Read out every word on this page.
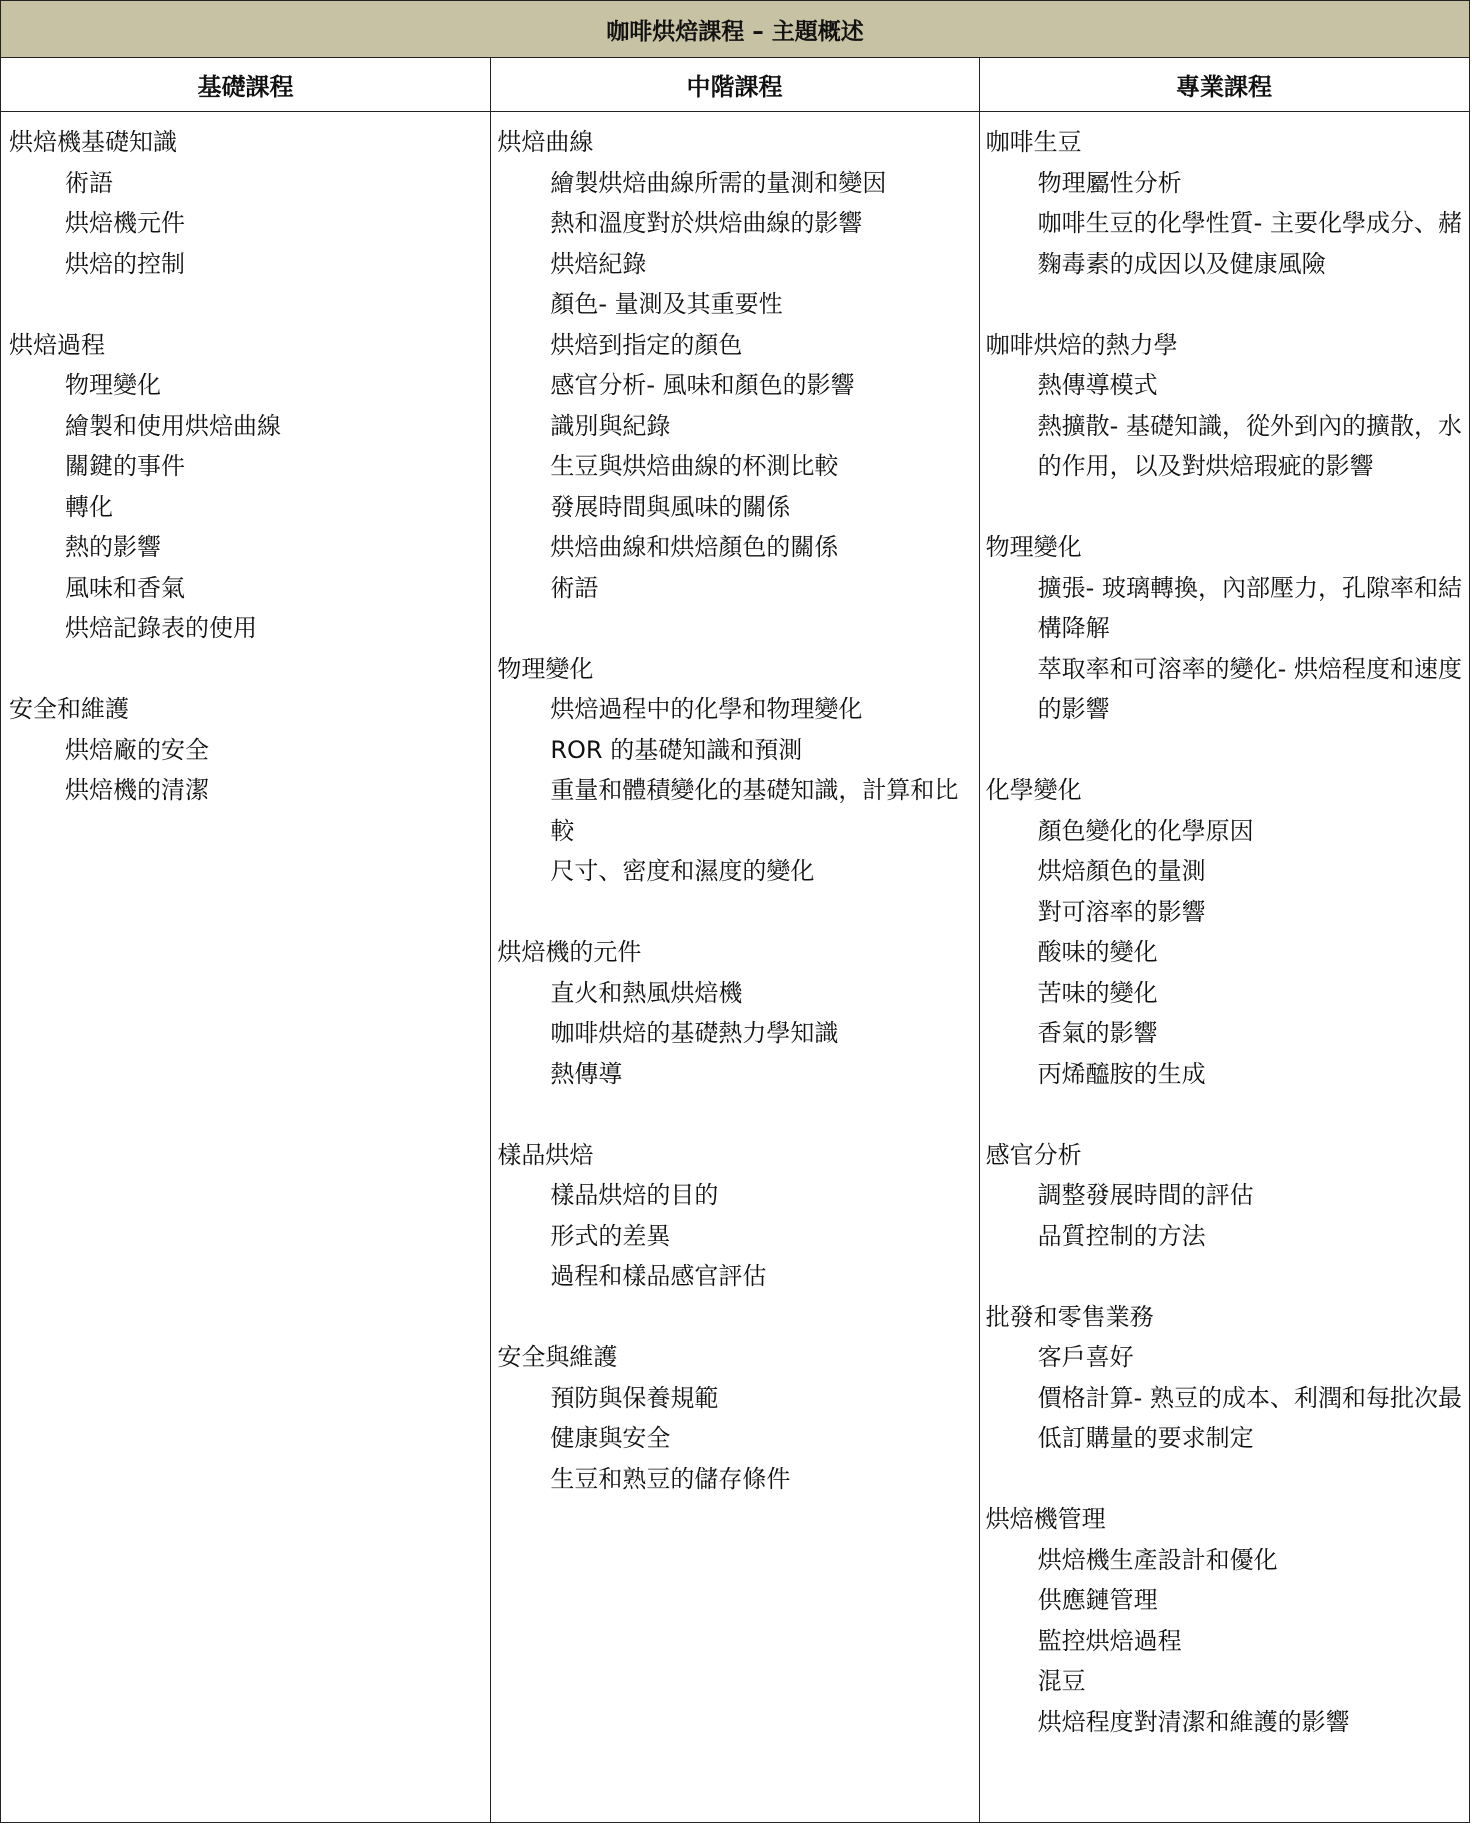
咖啡烘焙課程 – 主題概述
基礎課程	中階課程	專業課程
烘焙機基礎知識
術語
烘焙機元件
烘焙的控制
烘焙過程
物理變化
繪製和使用烘焙曲線
關鍵的事件
轉化
熱的影響
風味和香氣
烘焙記錄表的使用
安全和維護
烘焙廠的安全
烘焙機的清潔
烘焙曲線
繪製烘焙曲線所需的量測和變因
熱和溫度對於烘焙曲線的影響
烘焙紀錄
顏色- 量測及其重要性
烘焙到指定的顏色
感官分析- 風味和顏色的影響
識別與紀錄
生豆與烘焙曲線的杯測比較
發展時間與風味的關係
烘焙曲線和烘焙顏色的關係
術語
物理變化
烘焙過程中的化學和物理變化
ROR 的基礎知識和預測
重量和體積變化的基礎知識，計算和比較
尺寸、密度和濕度的變化
烘焙機的元件
直火和熱風烘焙機
咖啡烘焙的基礎熱力學知識
熱傳導
樣品烘焙
樣品烘焙的目的
形式的差異
過程和樣品感官評估
安全與維護
預防與保養規範
健康與安全
生豆和熟豆的儲存條件
咖啡生豆
物理屬性分析
咖啡生豆的化學性質- 主要化學成分、赭麴毒素的成因以及健康風險
咖啡烘焙的熱力學
熱傳導模式
熱擴散- 基礎知識，從外到內的擴散，水的作用，以及對烘焙瑕疵的影響
物理變化
擴張- 玻璃轉換，內部壓力，孔隙率和結構降解
萃取率和可溶率的變化- 烘焙程度和速度的影響
化學變化
顏色變化的化學原因
烘焙顏色的量測
對可溶率的影響
酸味的變化
苦味的變化
香氣的影響
丙烯醯胺的生成
感官分析
調整發展時間的評估
品質控制的方法
批發和零售業務
客戶喜好
價格計算- 熟豆的成本、利潤和每批次最低訂購量的要求制定
烘焙機管理
烘焙機生產設計和優化
供應鏈管理
監控烘焙過程
混豆
烘焙程度對清潔和維護的影響
